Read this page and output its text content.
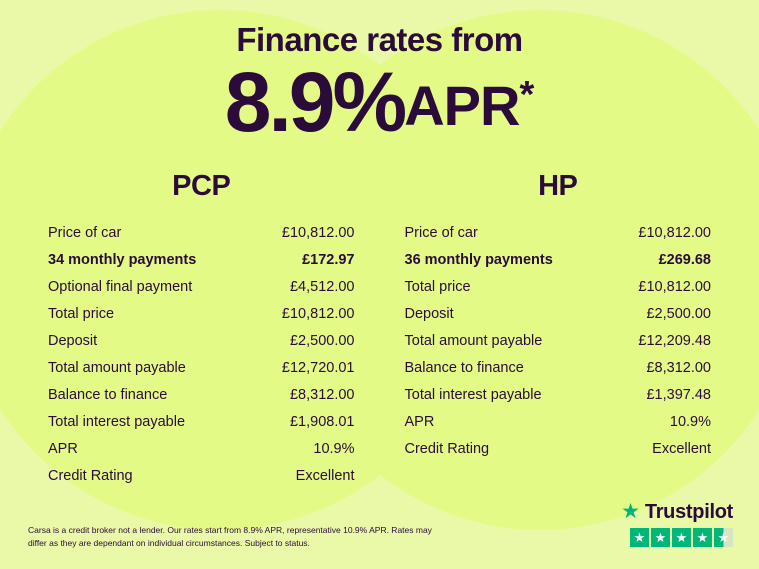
Finance rates from
8.9%APR*
PCP
Price of car	£10,812.00
34 monthly payments	£172.97
Optional final payment	£4,512.00
Total price	£10,812.00
Deposit	£2,500.00
Total amount payable	£12,720.01
Balance to finance	£8,312.00
Total interest payable	£1,908.01
APR	10.9%
Credit Rating	Excellent
HP
Price of car	£10,812.00
36 monthly payments	£269.68
Total price	£10,812.00
Deposit	£2,500.00
Total amount payable	£12,209.48
Balance to finance	£8,312.00
Total interest payable	£1,397.48
APR	10.9%
Credit Rating	Excellent
Carsa is a credit broker not a lender. Our rates start from 8.9% APR, representative 10.9% APR. Rates may differ as they are dependant on individual circumstances. Subject to status.
★ Trustpilot
★ ★ ★ ★ ★
